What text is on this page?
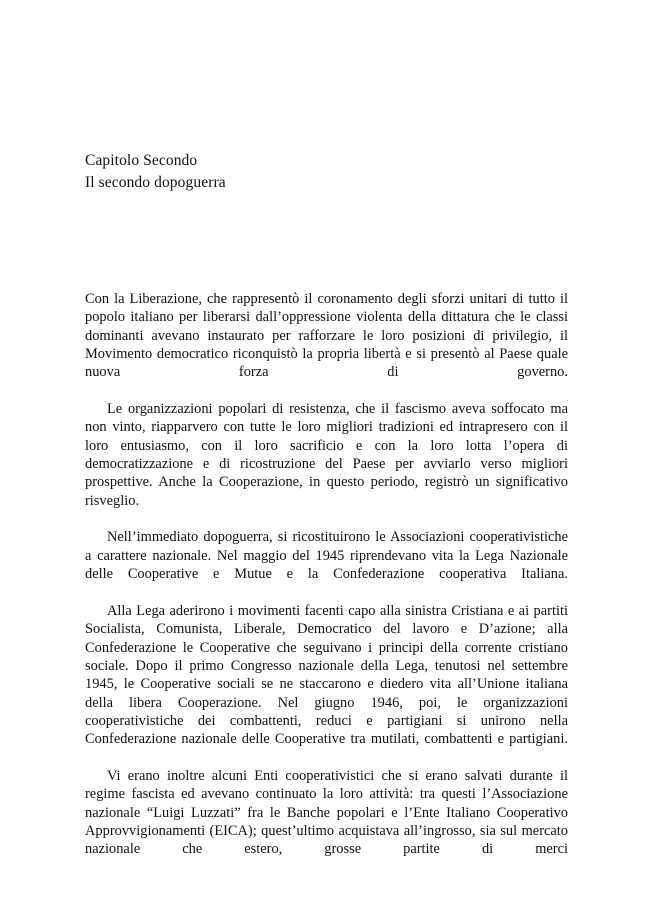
Capitolo Secondo
Il secondo dopoguerra

Con la Liberazione, che rappresentò il coronamento degli sforzi unitari di tutto il popolo italiano per liberarsi dall’oppressione violenta della dittatura che le classi dominanti avevano instaurato per rafforzare le loro posizioni di privilegio, il Movimento democratico riconquistò la propria libertà e si presentò al Paese quale nuova forza di governo.

Le organizzazioni popolari di resistenza, che il fascismo aveva soffocato ma non vinto, riapparvero con tutte le loro migliori tradizioni ed intrapresero con il loro entusiasmo, con il loro sacrificio e con la loro lotta l’opera di democratizzazione e di ricostruzione del Paese per avviarlo verso migliori prospettive. Anche la Cooperazione, in questo periodo, registrò un significativo risveglio.

Nell’immediato dopoguerra, si ricostituirono le Associazioni cooperativistiche a carattere nazionale. Nel maggio del 1945 riprendevano vita la Lega Nazionale delle Cooperative e Mutue e la Confederazione cooperativa Italiana.

Alla Lega aderirono i movimenti facenti capo alla sinistra Cristiana e ai partiti Socialista, Comunista, Liberale, Democratico del lavoro e D’azione; alla Confederazione le Cooperative che seguivano i principi della corrente cristiano sociale. Dopo il primo Congresso nazionale della Lega, tenutosi nel settembre 1945, le Cooperative sociali se ne staccarono e diedero vita all’Unione italiana della libera Cooperazione. Nel giugno 1946, poi, le organizzazioni cooperativistiche dei combattenti, reduci e partigiani si unirono nella Confederazione nazionale delle Cooperative tra mutilati, combattenti e partigiani.

Vi erano inoltre alcuni Enti cooperativistici che si erano salvati durante il regime fascista ed avevano continuato la loro attività: tra questi l’Associazione nazionale “Luigi Luzzati” fra le Banche popolari e l’Ente Italiano Cooperativo Approvvigionamenti (EICA); quest’ultimo acquistava all’ingrosso, sia sul mercato nazionale che estero, grosse partite di merci
